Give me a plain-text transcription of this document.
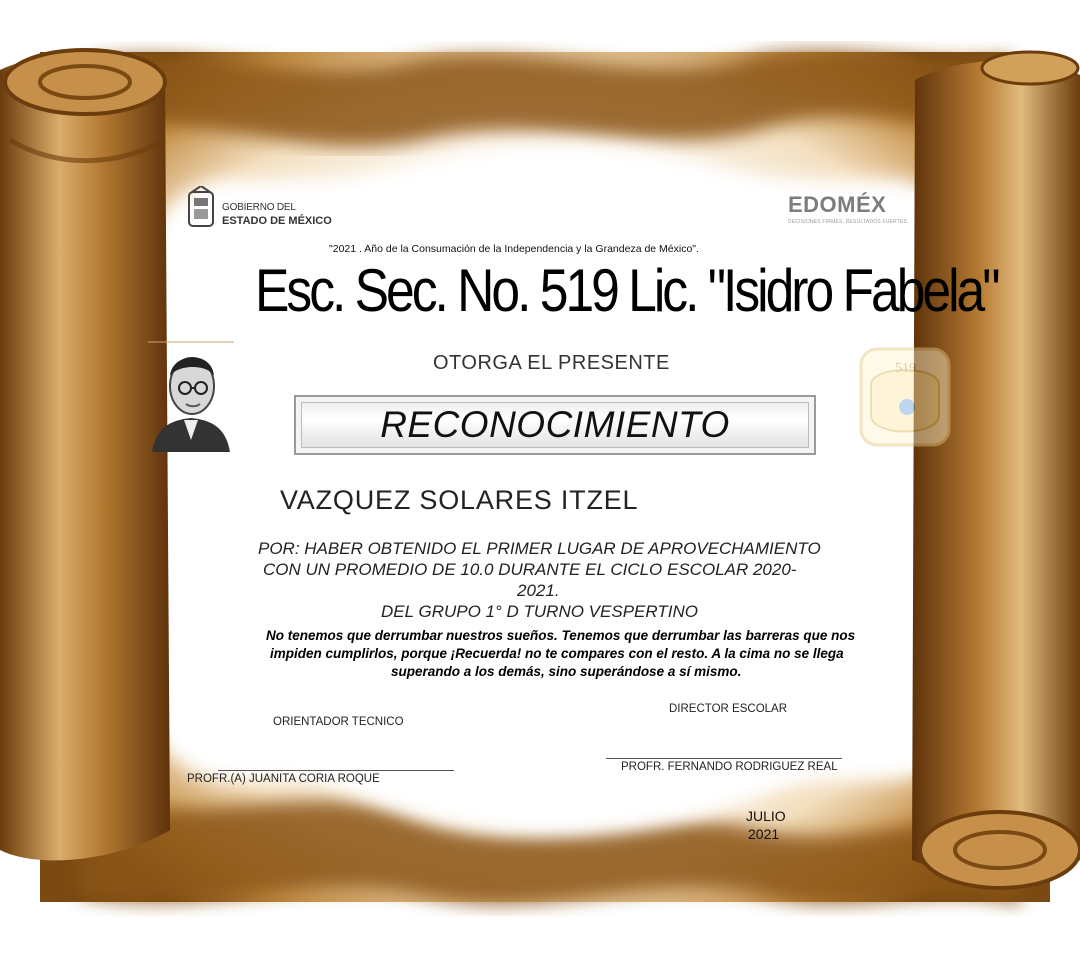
GOBIERNO DEL
ESTADO DE MÉXICO
EDOMÉX
DECISIONES FIRMES, RESULTADOS FUERTES.
"2021 . Año de la Consumación de la Independencia y la Grandeza de México".
Esc. Sec. No. 519 Lic. "Isidro Fabela"
OTORGA EL PRESENTE
RECONOCIMIENTO
519
VAZQUEZ SOLARES ITZEL
POR: HABER OBTENIDO EL PRIMER LUGAR DE APROVECHAMIENTO
CON UN PROMEDIO DE 10.0 DURANTE EL CICLO ESCOLAR 2020-
2021.
DEL GRUPO 1° D TURNO VESPERTINO
No tenemos que derrumbar nuestros sueños. Tenemos que derrumbar las barreras que nos
impiden cumplirlos, porque ¡Recuerda! no te compares con el resto. A la cima no se llega
superando a los demás, sino superándose a sí mismo.
ORIENTADOR TECNICO
PROFR.(A) JUANITA CORIA ROQUE
DIRECTOR ESCOLAR
PROFR. FERNANDO RODRIGUEZ REAL
JULIO
2021
